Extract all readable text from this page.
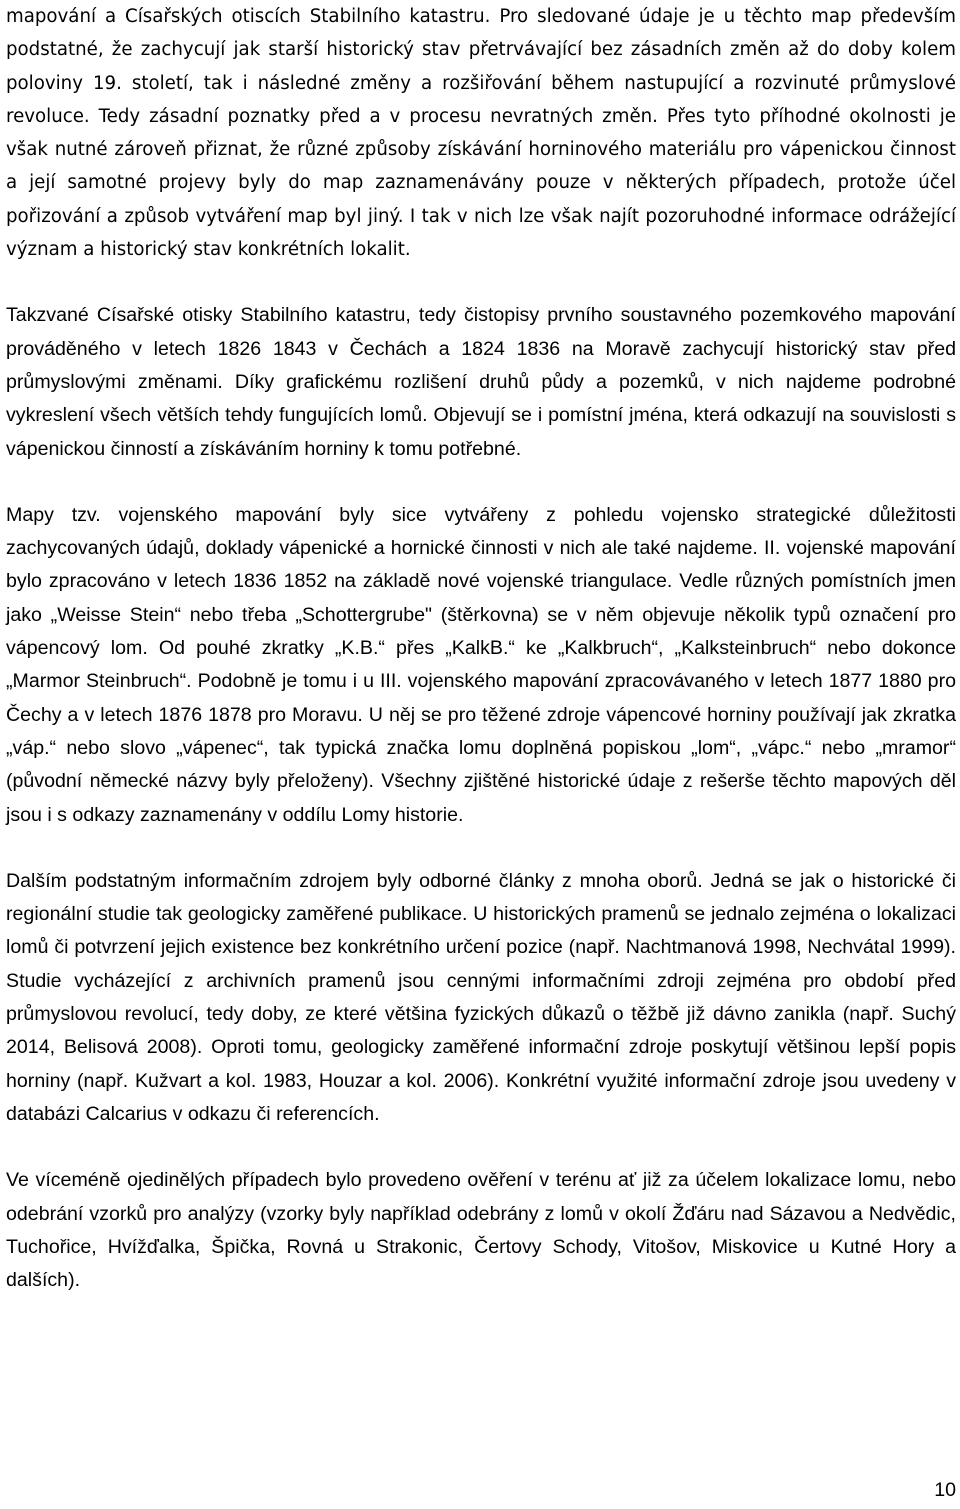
mapování a Císařských otiscích Stabilního katastru. Pro sledované údaje je u těchto map především podstatné, že zachycují jak starší historický stav přetrvávající bez zásadních změn až do doby kolem poloviny 19. století, tak i následné změny a rozšiřování během nastupující a rozvinuté průmyslové revoluce. Tedy zásadní poznatky před a v procesu nevratných změn. Přes tyto příhodné okolnosti je však nutné zároveň přiznat, že různé způsoby získávání horninového materiálu pro vápenickou činnost a její samotné projevy byly do map zaznamenávány pouze v některých případech, protože účel pořizování a způsob vytváření map byl jiný. I tak v nich lze však najít pozoruhodné informace odrážející význam a historický stav konkrétních lokalit.

Takzvané Císařské otisky Stabilního katastru, tedy čistopisy prvního soustavného pozemkového mapování prováděného v letech 1826 1843 v Čechách a 1824 1836 na Moravě zachycují historický stav před průmyslovými změnami. Díky grafickému rozlišení druhů půdy a pozemků, v nich najdeme podrobné vykreslení všech větších tehdy fungujících lomů. Objevují se i pomístní jména, která odkazují na souvislosti s vápenickou činností a získáváním horniny k tomu potřebné.

Mapy tzv. vojenského mapování byly sice vytvářeny z pohledu vojensko strategické důležitosti zachycovaných údajů, doklady vápenické a hornické činnosti v nich ale také najdeme. II. vojenské mapování bylo zpracováno v letech 1836 1852 na základě nové vojenské triangulace. Vedle různých pomístních jmen jako „Weisse Stein“ nebo třeba „Schottergrube" (štěrkovna) se v něm objevuje několik typů označení pro vápencový lom. Od pouhé zkratky „K.B.“ přes „KalkB.“ ke „Kalkbruch“, „Kalksteinbruch“ nebo dokonce „Marmor Steinbruch“. Podobně je tomu i u III. vojenského mapování zpracovávaného v letech 1877 1880 pro Čechy a v letech 1876 1878 pro Moravu. U něj se pro těžené zdroje vápencové horniny používají jak zkratka „váp.“ nebo slovo „vápenec“, tak typická značka lomu doplněná popiskou „lom“, „vápc.“ nebo „mramor“ (původní německé názvy byly přeloženy). Všechny zjištěné historické údaje z rešerše těchto mapových děl jsou i s odkazy zaznamenány v oddílu Lomy historie.

Dalším podstatným informačním zdrojem byly odborné články z mnoha oborů. Jedná se jak o historické či regionální studie tak geologicky zaměřené publikace. U historických pramenů se jednalo zejména o lokalizaci lomů či potvrzení jejich existence bez konkrétního určení pozice (např. Nachtmanová 1998, Nechvátal 1999). Studie vycházející z archivních pramenů jsou cennými informačními zdroji zejména pro období před průmyslovou revolucí, tedy doby, ze které většina fyzických důkazů o těžbě již dávno zanikla (např. Suchý 2014, Belisová 2008). Oproti tomu, geologicky zaměřené informační zdroje poskytují většinou lepší popis horniny (např. Kužvart a kol. 1983, Houzar a kol. 2006). Konkrétní využité informační zdroje jsou uvedeny v databázi Calcarius v odkazu či referencích.

Ve víceméně ojedinělých případech bylo provedeno ověření v terénu ať již za účelem lokalizace lomu, nebo odebrání vzorků pro analýzy (vzorky byly například odebrány z lomů v okolí Žďáru nad Sázavou a Nedvědic, Tuchořice, Hvížďalka, Špička, Rovná u Strakonic, Čertovy Schody, Vitošov, Miskovice u Kutné Hory a dalších).

10
